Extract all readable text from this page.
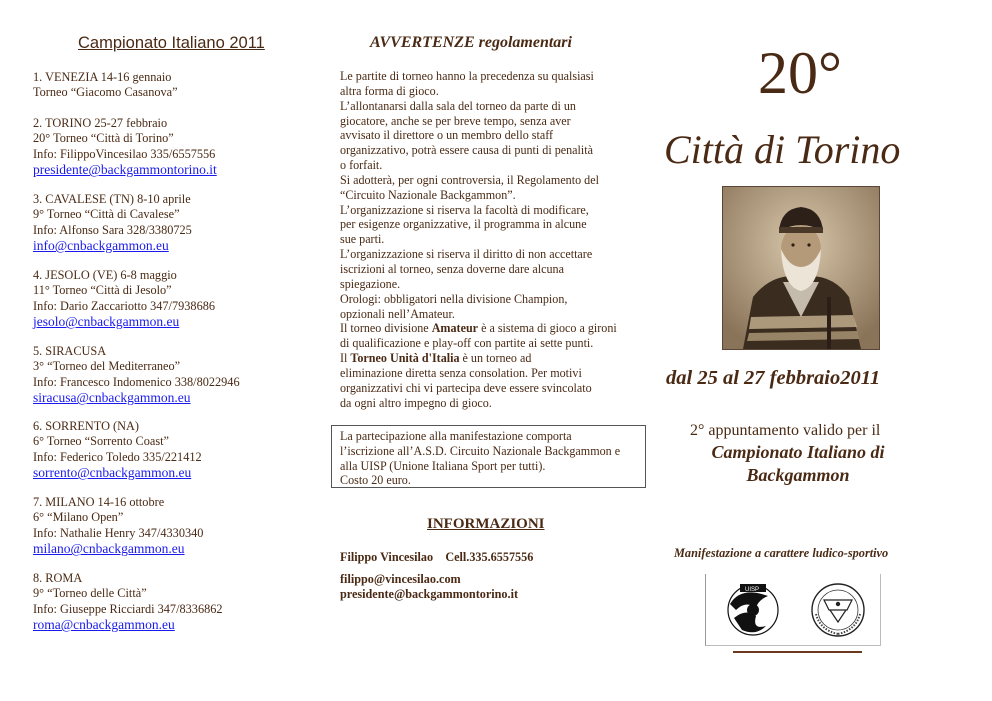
Campionato Italiano 2011
1. VENEZIA 14-16 gennaio
Torneo “Giacomo Casanova”
2. TORINO 25-27 febbraio
20° Torneo “Città di Torino”
Info: FilippoVincesilao 335/6557556
presidente@backgammontorino.it
3. CAVALESE (TN) 8-10 aprile
9° Torneo “Città di Cavalese”
Info: Alfonso Sara 328/3380725
info@cnbackgammon.eu
4. JESOLO (VE) 6-8 maggio
11° Torneo “Città di Jesolo”
Info: Dario Zaccariotto 347/7938686
jesolo@cnbackgammon.eu
5. SIRACUSA
3° “Torneo del Mediterraneo”
Info: Francesco Indomenico 338/8022946
siracusa@cnbackgammon.eu
6. SORRENTO (NA)
6° Torneo “Sorrento Coast”
Info: Federico Toledo 335/221412
sorrento@cnbackgammon.eu
7. MILANO 14-16 ottobre
6° “Milano Open”
Info: Nathalie Henry 347/4330340
milano@cnbackgammon.eu
8. ROMA
9° “Torneo delle Città”
Info: Giuseppe Ricciardi 347/8336862
roma@cnbackgammon.eu
AVVERTENZE regolamentari
Le partite di torneo hanno la precedenza su qualsiasi
altra forma di gioco.
L’allontanarsi dalla sala del torneo da parte di un
giocatore, anche se per breve tempo, senza aver
avvisato il direttore o un membro dello staff
organizzativo, potrà essere causa di punti di penalità
o forfait.
Si adotterà, per ogni controversia, il Regolamento del
“Circuito Nazionale Backgammon”.
L’organizzazione si riserva la facoltà di modificare,
per esigenze organizzative, il programma in alcune
sue parti.
L’organizzazione si riserva il diritto di non accettare
iscrizioni al torneo, senza doverne dare alcuna
spiegazione.
Orologi: obbligatori nella divisione Champion,
opzionali nell’Amateur.
Il torneo divisione Amateur è a sistema di gioco a gironi
di qualificazione e play-off con partite ai sette punti.
Il Torneo Unità d'Italia è un torneo ad
eliminazione diretta senza consolation. Per motivi
organizzativi chi vi partecipa deve essere svincolato
da ogni altro impegno di gioco.
La partecipazione alla manifestazione comporta
l’iscrizione all’A.S.D. Circuito Nazionale Backgammon e
alla UISP (Unione Italiana Sport per tutti).
Costo 20 euro.
INFORMAZIONI
Filippo Vincesilao Cell.335.6557556
filippo@vincesilao.com
presidente@backgammontorino.it
20°
Città di Torino
dal 25 al 27 febbraio2011
2° appuntamento valido per il
Campionato Italiano di
Backgammon
Manifestazione a carattere ludico-sportivo
UISP
